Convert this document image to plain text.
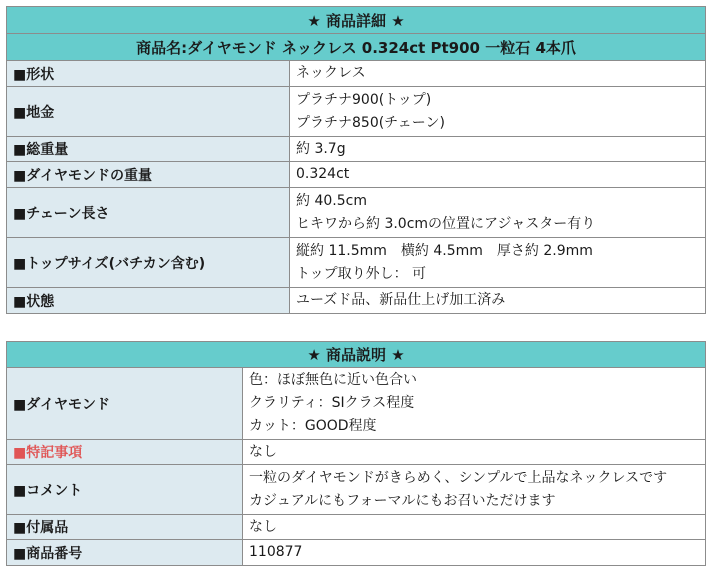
★ 商品詳細 ★	
商品名:ダイヤモンド ネックレス 0.324ct Pt900 一粒石 4本爪	
■形状	ネックレス

■地金	プラチナ900(トップ)
プラチナ850(チェーン)

■総重量	約 3.7g

■ダイヤモンドの重量	0.324ct

■チェーン長さ	約 40.5cm
ヒキワから約 3.0cmの位置にアジャスター有り

■トップサイズ(バチカン含む)	縦約 11.5mm　横約 4.5mm　厚さ約 2.9mm
トップ取り外し： 可

■状態	ユーズド品、新品仕上げ加工済み
★ 商品説明 ★	
■ダイヤモンド	色：ほぼ無色に近い色合い
クラリティ：SIクラス程度
カット：GOOD程度

■特記事項	なし

■コメント	一粒のダイヤモンドがきらめく、シンプルで上品なネックレスです
カジュアルにもフォーマルにもお召いただけます

■付属品	なし

■商品番号	110877
